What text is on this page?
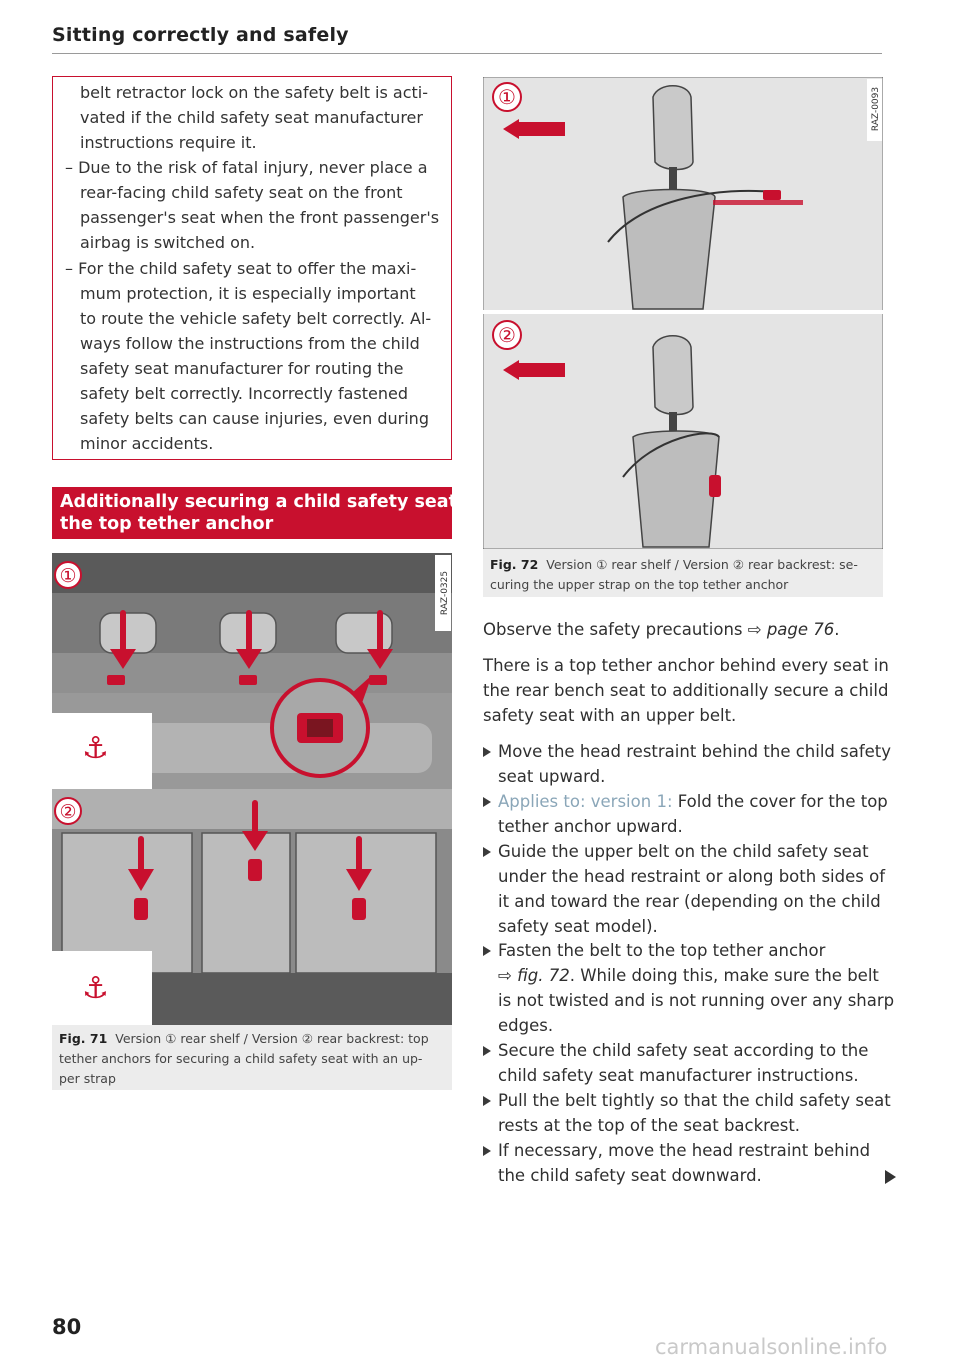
Sitting correctly and safely
belt retractor lock on the safety belt is acti-
vated if the child safety seat manufacturer
instructions require it.
– Due to the risk of fatal injury, never place a
rear-facing child safety seat on the front
passenger's seat when the front passenger's
airbag is switched on.
– For the child safety seat to offer the maxi-
mum protection, it is especially important
to route the vehicle safety belt correctly. Al-
ways follow the instructions from the child
safety seat manufacturer for routing the
safety belt correctly. Incorrectly fastened
safety belts can cause injuries, even during
minor accidents.
Additionally securing a child safety seat to
the top tether anchor
⚓
①
⚓
②
RAZ-0325
Fig. 71 Version ① rear shelf / Version ② rear backrest: top
tether anchors for securing a child safety seat with an up-
per strap
①
②
RAZ-0093
Fig. 72 Version ① rear shelf / Version ② rear backrest: se-
curing the upper strap on the top tether anchor
Observe the safety precautions ⇨ page 76.
There is a top tether anchor behind every seat in
the rear bench seat to additionally secure a child
safety seat with an upper belt.
Move the head restraint behind the child safety
seat upward.
Applies to: version 1: Fold the cover for the top
tether anchor upward.
Guide the upper belt on the child safety seat
under the head restraint or along both sides of
it and toward the rear (depending on the child
safety seat model).
Fasten the belt to the top tether anchor
⇨ fig. 72. While doing this, make sure the belt
is not twisted and is not running over any sharp
edges.
Secure the child safety seat according to the
child safety seat manufacturer instructions.
Pull the belt tightly so that the child safety seat
rests at the top of the seat backrest.
If necessary, move the head restraint behind
the child safety seat downward.
80
carmanualsonline.info
